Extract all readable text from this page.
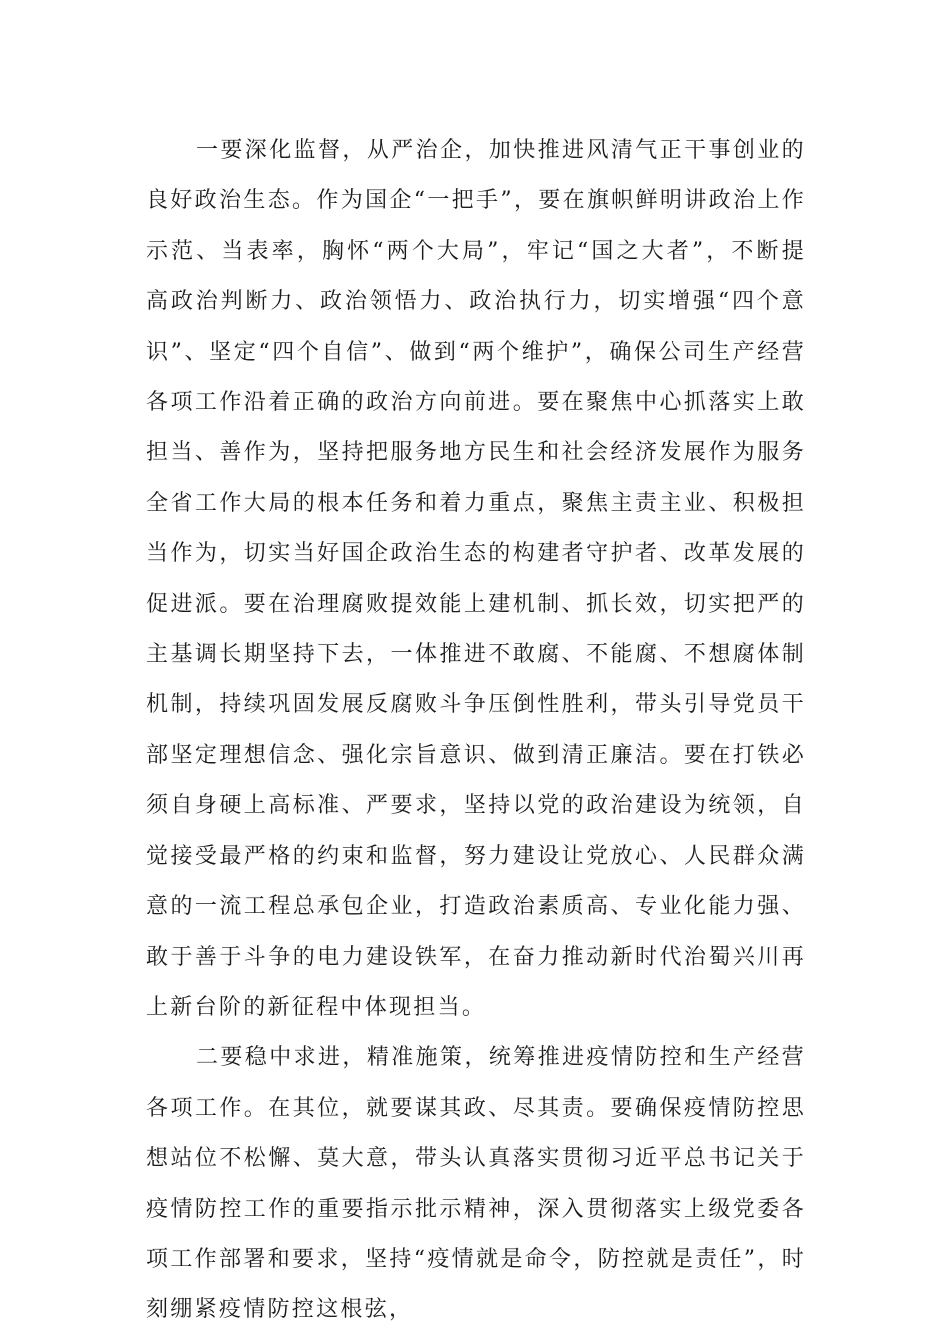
一要深化监督，从严治企，加快推进风清气正干事创业的良好政治生态。作为国企“一把手”，要在旗帜鲜明讲政治上作示范、当表率，胸怀“两个大局”，牢记“国之大者”，不断提高政治判断力、政治领悟力、政治执行力，切实增强“四个意识”、坚定“四个自信”、做到“两个维护”，确保公司生产经营各项工作沿着正确的政治方向前进。要在聚焦中心抓落实上敢担当、善作为，坚持把服务地方民生和社会经济发展作为服务全省工作大局的根本任务和着力重点，聚焦主责主业、积极担当作为，切实当好国企政治生态的构建者守护者、改革发展的促进派。要在治理腐败提效能上建机制、抓长效，切实把严的主基调长期坚持下去，一体推进不敢腐、不能腐、不想腐体制机制，持续巩固发展反腐败斗争压倒性胜利，带头引导党员干部坚定理想信念、强化宗旨意识、做到清正廉洁。要在打铁必须自身硬上高标准、严要求，坚持以党的政治建设为统领，自觉接受最严格的约束和监督，努力建设让党放心、人民群众满意的一流工程总承包企业，打造政治素质高、专业化能力强、敢于善于斗争的电力建设铁军，在奋力推动新时代治蜀兴川再上新台阶的新征程中体现担当。

二要稳中求进，精准施策，统筹推进疫情防控和生产经营各项工作。在其位，就要谋其政、尽其责。要确保疫情防控思想站位不松懈、莫大意，带头认真落实贯彻习近平总书记关于疫情防控工作的重要指示批示精神，深入贯彻落实上级党委各项工作部署和要求，坚持“疫情就是命令，防控就是责任”，时刻绷紧疫情防控这根弦，
